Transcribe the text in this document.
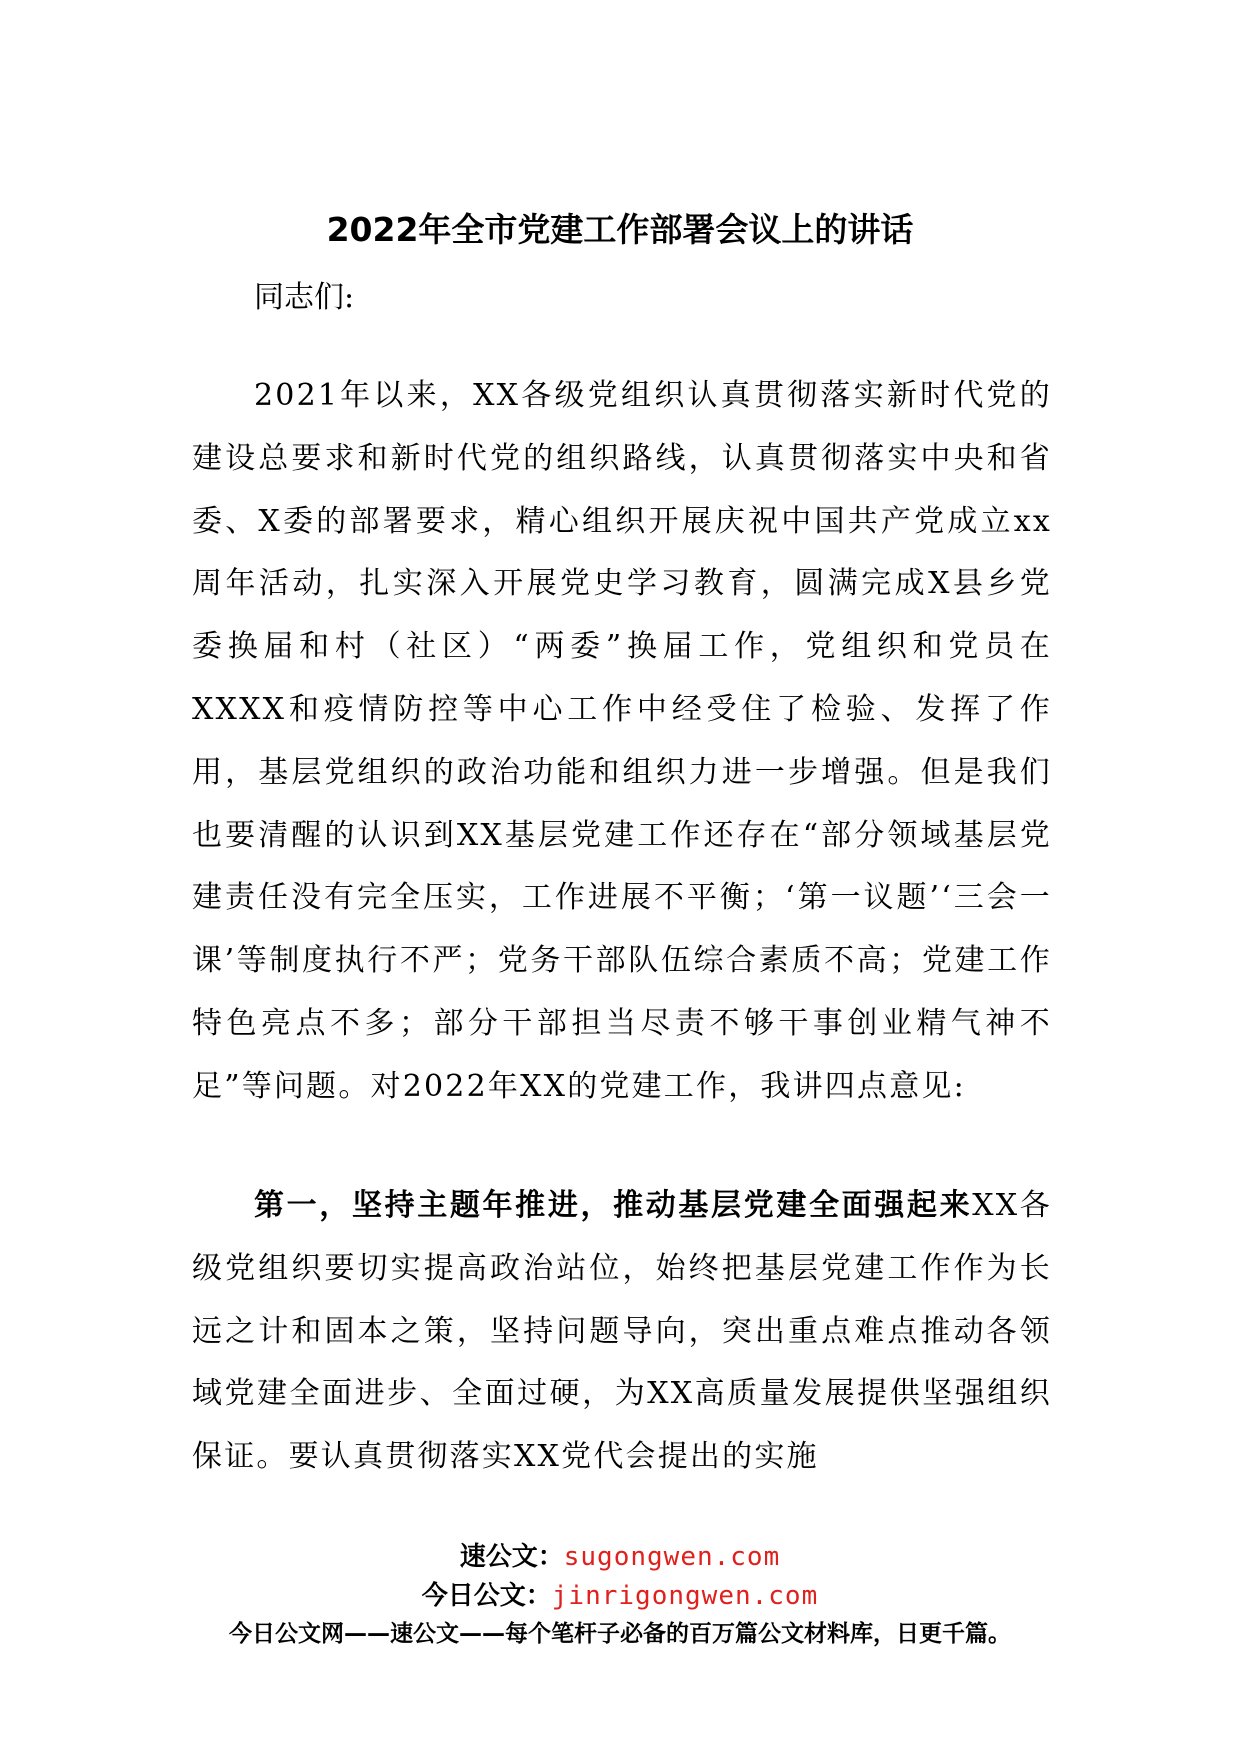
2022年全市党建工作部署会议上的讲话
同志们:
2021年以来，XX各级党组织认真贯彻落实新时代党的建设总要求和新时代党的组织路线，认真贯彻落实中央和省委、X委的部署要求，精心组织开展庆祝中国共产党成立xx周年活动，扎实深入开展党史学习教育，圆满完成X县乡党委换届和村（社区）“两委”换届工作，党组织和党员在XXXX和疫情防控等中心工作中经受住了检验、发挥了作用，基层党组织的政治功能和组织力进一步增强。但是我们也要清醒的认识到XX基层党建工作还存在“部分领域基层党建责任没有完全压实，工作进展不平衡；‘第一议题’‘三会一课’等制度执行不严；党务干部队伍综合素质不高；党建工作特色亮点不多；部分干部担当尽责不够干事创业精气神不足”等问题。对2022年XX的党建工作，我讲四点意见:
第一，坚持主题年推进，推动基层党建全面强起来XX各级党组织要切实提高政治站位，始终把基层党建工作作为长远之计和固本之策，坚持问题导向，突出重点难点推动各领域党建全面进步、全面过硬，为XX高质量发展提供坚强组织保证。要认真贯彻落实XX党代会提出的实施
速公文：sugongwen.com
今日公文：jinrigongwen.com
今日公文网——速公文——每个笔杆子必备的百万篇公文材料库，日更千篇。
